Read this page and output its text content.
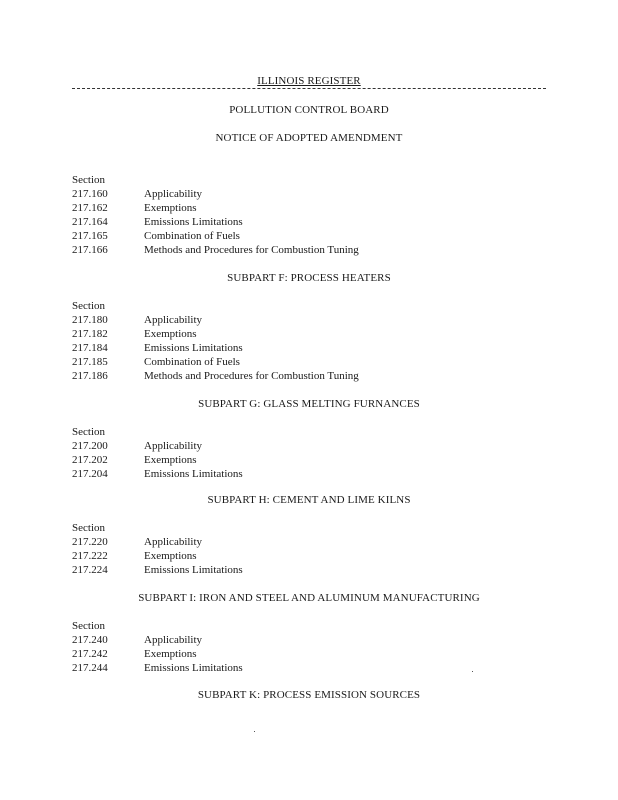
ILLINOIS REGISTER
POLLUTION CONTROL BOARD
NOTICE OF ADOPTED AMENDMENT
Section
217.160	Applicability
217.162	Exemptions
217.164	Emissions Limitations
217.165	Combination of Fuels
217.166	Methods and Procedures for Combustion Tuning
SUBPART F: PROCESS HEATERS
Section
217.180	Applicability
217.182	Exemptions
217.184	Emissions Limitations
217.185	Combination of Fuels
217.186	Methods and Procedures for Combustion Tuning
SUBPART G: GLASS MELTING FURNANCES
Section
217.200	Applicability
217.202	Exemptions
217.204	Emissions Limitations
SUBPART H: CEMENT AND LIME KILNS
Section
217.220	Applicability
217.222	Exemptions
217.224	Emissions Limitations
SUBPART I: IRON AND STEEL AND ALUMINUM MANUFACTURING
Section
217.240	Applicability
217.242	Exemptions
217.244	Emissions Limitations
SUBPART K: PROCESS EMISSION SOURCES
